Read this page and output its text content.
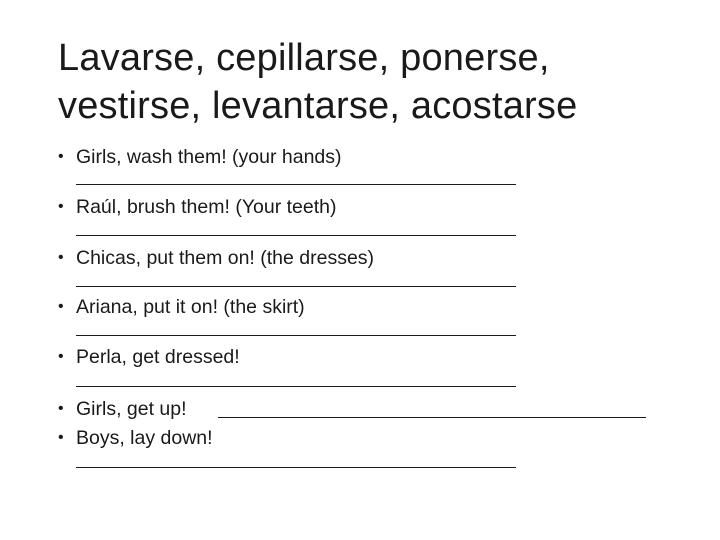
Lavarse, cepillarse, ponerse,
vestirse, levantarse, acostarse
• Girls, wash them! (your hands)
• Raúl, brush them! (Your teeth)
• Chicas, put them on! (the dresses)
• Ariana, put it on! (the skirt)
• Perla, get dressed!
• Girls, get up!
• Boys, lay down!
